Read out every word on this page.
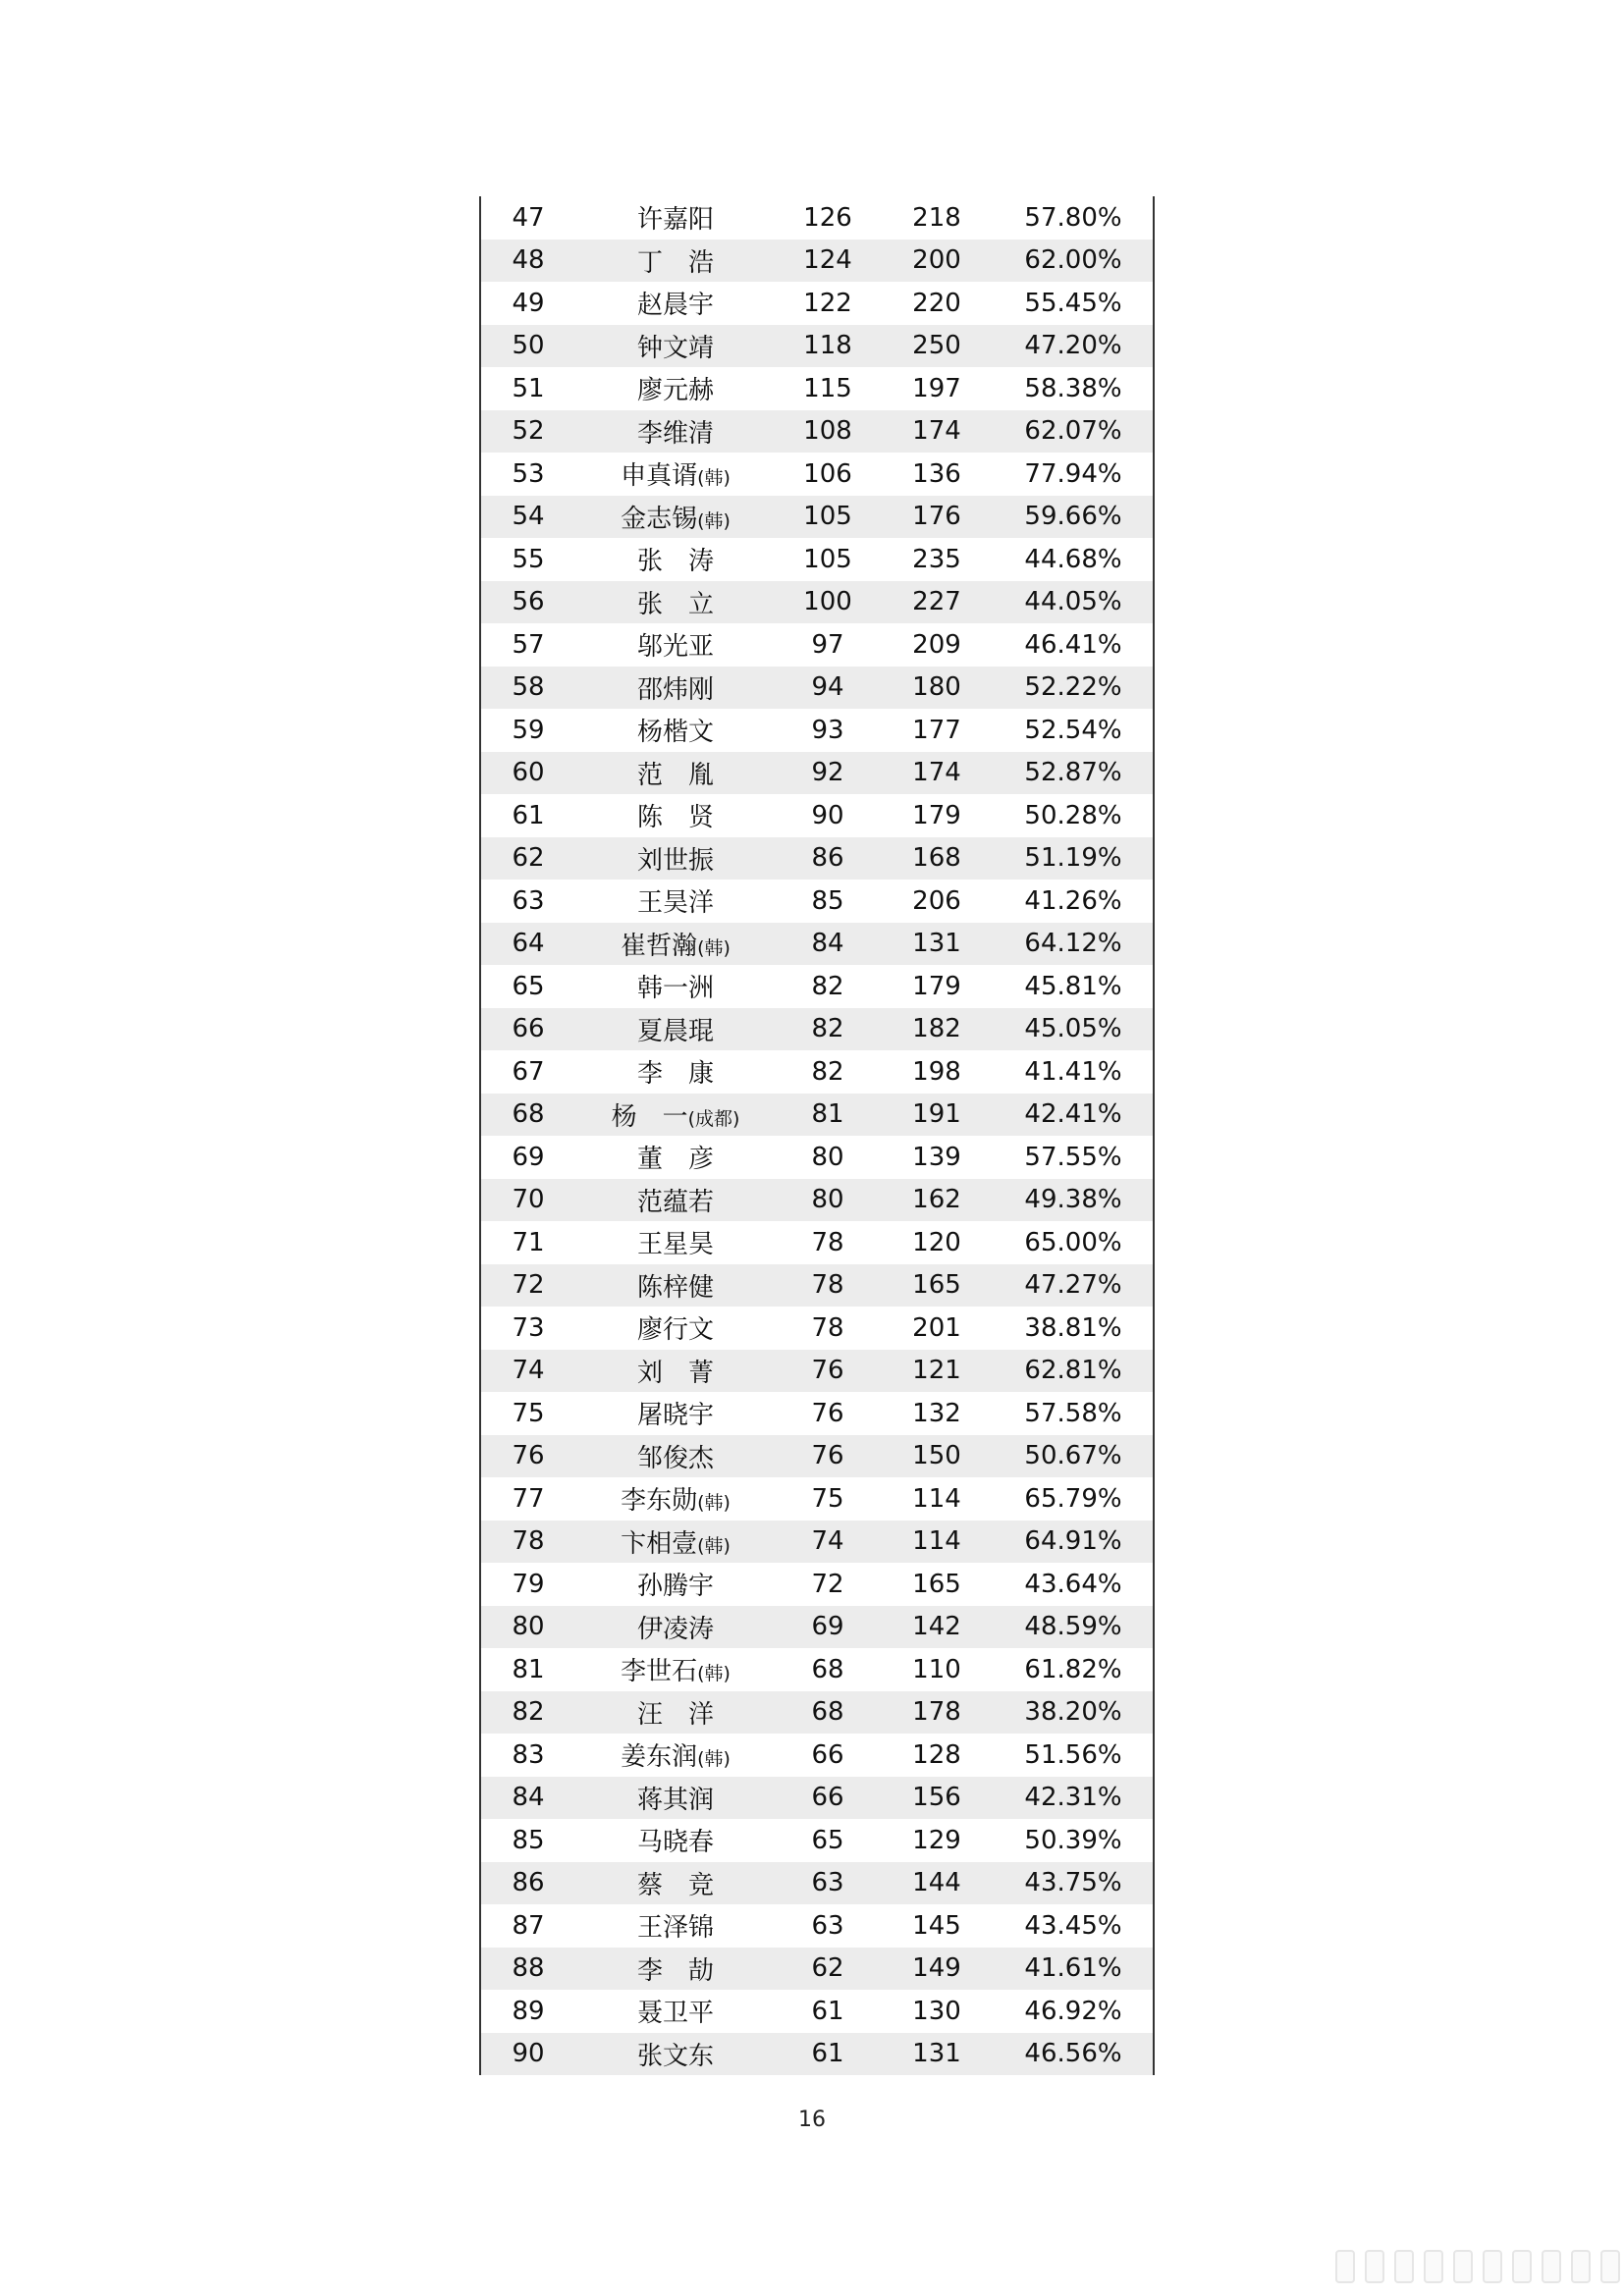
47	许嘉阳	126	218	57.80%
48	丁　浩	124	200	62.00%
49	赵晨宇	122	220	55.45%
50	钟文靖	118	250	47.20%
51	廖元赫	115	197	58.38%
52	李维清	108	174	62.07%
53	申真谞(韩)	106	136	77.94%
54	金志锡(韩)	105	176	59.66%
55	张　涛	105	235	44.68%
56	张　立	100	227	44.05%
57	邬光亚	97	209	46.41%
58	邵炜刚	94	180	52.22%
59	杨楷文	93	177	52.54%
60	范　胤	92	174	52.87%
61	陈　贤	90	179	50.28%
62	刘世振	86	168	51.19%
63	王昊洋	85	206	41.26%
64	崔哲瀚(韩)	84	131	64.12%
65	韩一洲	82	179	45.81%
66	夏晨琨	82	182	45.05%
67	李　康	82	198	41.41%
68	杨　一(成都)	81	191	42.41%
69	董　彦	80	139	57.55%
70	范蕴若	80	162	49.38%
71	王星昊	78	120	65.00%
72	陈梓健	78	165	47.27%
73	廖行文	78	201	38.81%
74	刘　菁	76	121	62.81%
75	屠晓宇	76	132	57.58%
76	邹俊杰	76	150	50.67%
77	李东勋(韩)	75	114	65.79%
78	卞相壹(韩)	74	114	64.91%
79	孙腾宇	72	165	43.64%
80	伊凌涛	69	142	48.59%
81	李世石(韩)	68	110	61.82%
82	汪　洋	68	178	38.20%
83	姜东润(韩)	66	128	51.56%
84	蒋其润	66	156	42.31%
85	马晓春	65	129	50.39%
86	蔡　竞	63	144	43.75%
87	王泽锦	63	145	43.45%
88	李　劼	62	149	41.61%
89	聂卫平	61	130	46.92%
90	张文东	61	131	46.56%
16
